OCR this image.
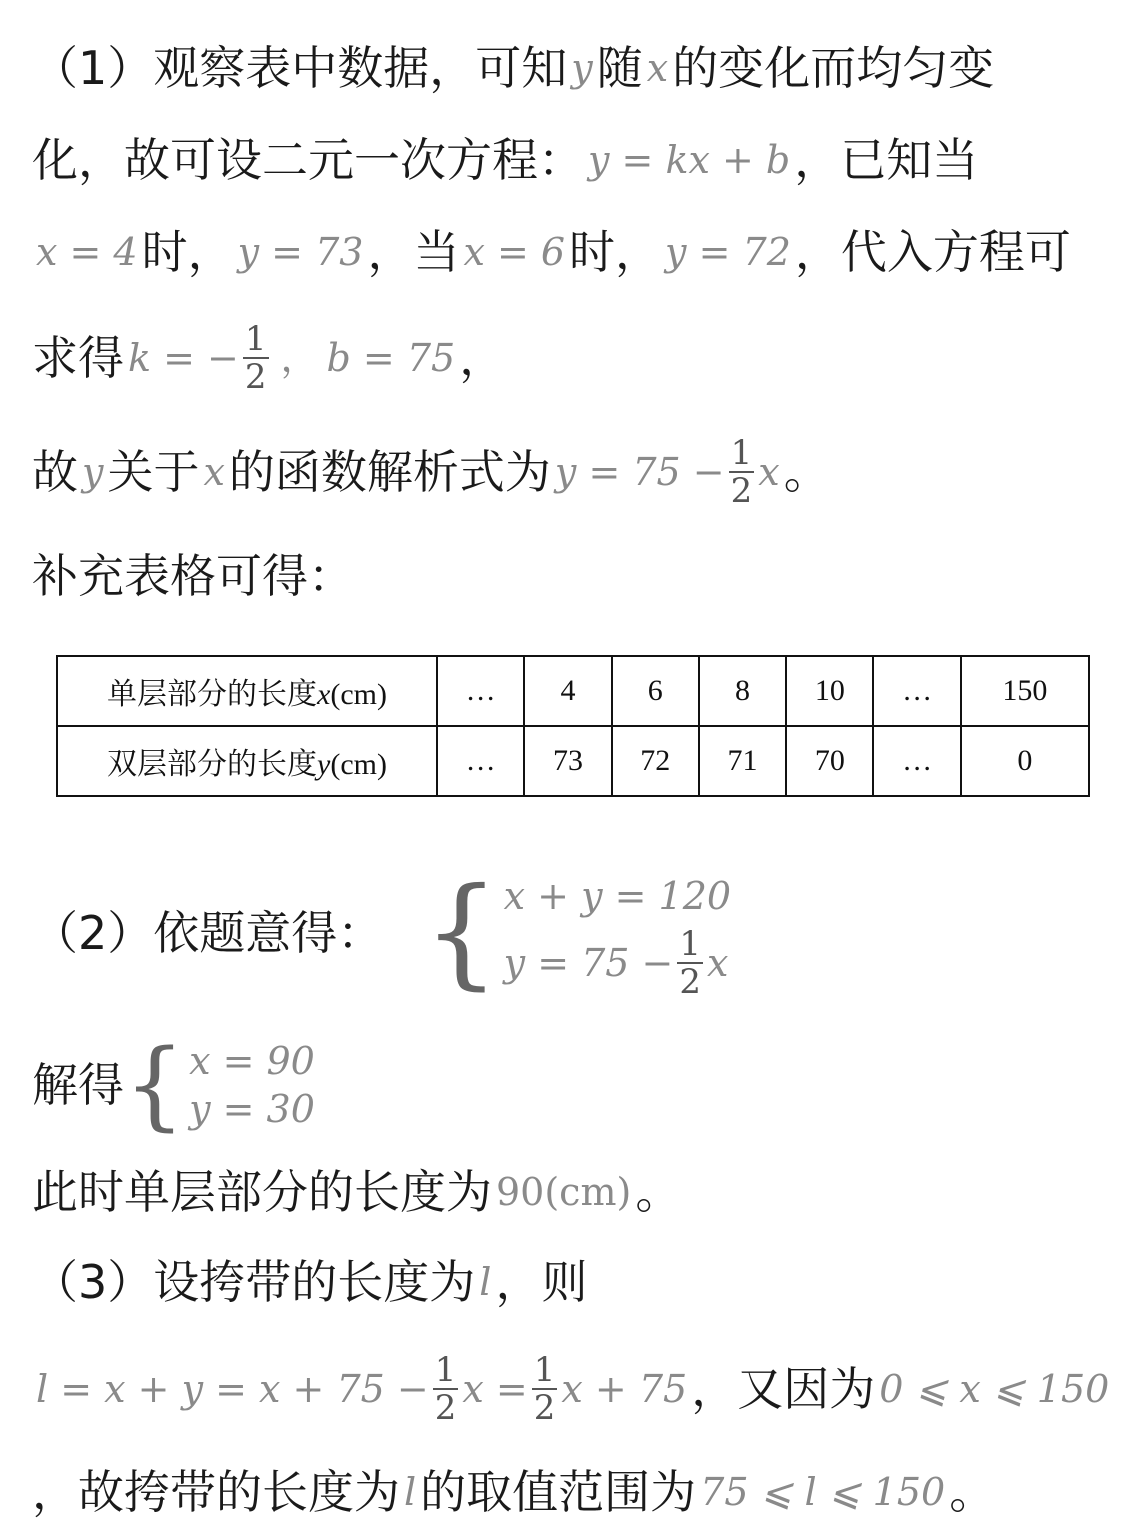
（1）观察表中数据，可知 y 随 x 的变化而均匀变
化，故可设二元一次方程： y = kx + b ，已知当
x = 4 时， y = 73 ，当 x = 6 时， y = 72 ，代入方程可
求得 k = − $\frac{1}{2}$ ， b = 75 ，
故 y 关于 x 的函数解析式为 $y = 75 - \frac{1}{2}$ x 。
补充表格可得：
单层部分的长度x(cm)	…	4	6	8	10	…	150
双层部分的长度y(cm)	…	73	72	71	70	…	0
（2）依题意得： { x + y = 120
$y = 75 - \frac{1}{2}$ x
解得 { x = 90
y = 30
此时单层部分的长度为 90(cm) 。
（3）设挎带的长度为 l ，则
$l = x + y = x + 75 - \frac{1}{2}$ $x = \frac{1}{2}$ x + 75 ，又因为 0 ⩽ x ⩽ 150
，故挎带的长度为 l 的取值范围为 75 ⩽ l ⩽ 150 。
